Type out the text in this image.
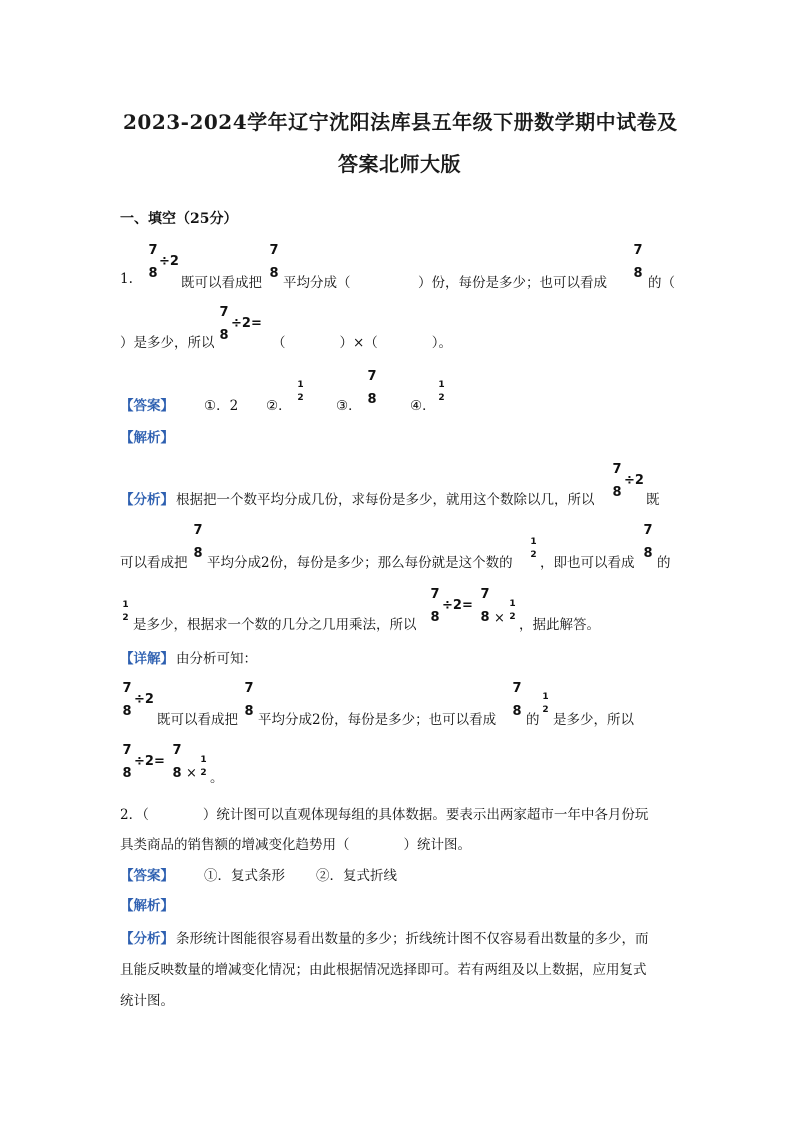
2023-2024学年辽宁沈阳法库县五年级下册数学期中试卷及
答案北师大版
一、填空（25分）
7
8
÷2
1.	既可以看成把
7
8
平均分成（　　　　　）份，每份是多少；也可以看成
7
8
的（
）是多少，所以
7
8
÷2=
（　　　　）×（　　　　）。
【答案】 ①．2 ②．
1
2 ③．
7
8 ④．
1
2
【解析】
【分析】 根据把一个数平均分成几份，求每份是多少，就用这个数除以几，所以
7
8
÷2
既
可以看成把
7
8
平均分成2份，每份是多少；那么每份就是这个数的
1
2 ，即也可以看成
7
8
的
1
2 是多少，根据求一个数的几分之几用乘法，所以
7
8
÷2=
7
8 ×
1
2 ，据此解答。
【详解】 由分析可知：
7
8
÷2
既可以看成把
7
8
平均分成2份，每份是多少；也可以看成
7
8
的
1
2
是多少，所以
7
8
÷2=
7
8 ×
1
2 。
2．（　　　　）统计图可以直观体现每组的具体数据。要表示出两家超市一年中各月份玩
具类商品的销售额的增减变化趋势用（　　　　）统计图。
【答案】 ①．复式条形 ②．复式折线
【解析】
【分析】 条形统计图能很容易看出数量的多少；折线统计图不仅容易看出数量的多少，而
且能反映数量的增减变化情况；由此根据情况选择即可。若有两组及以上数据，应用复式
统计图。
